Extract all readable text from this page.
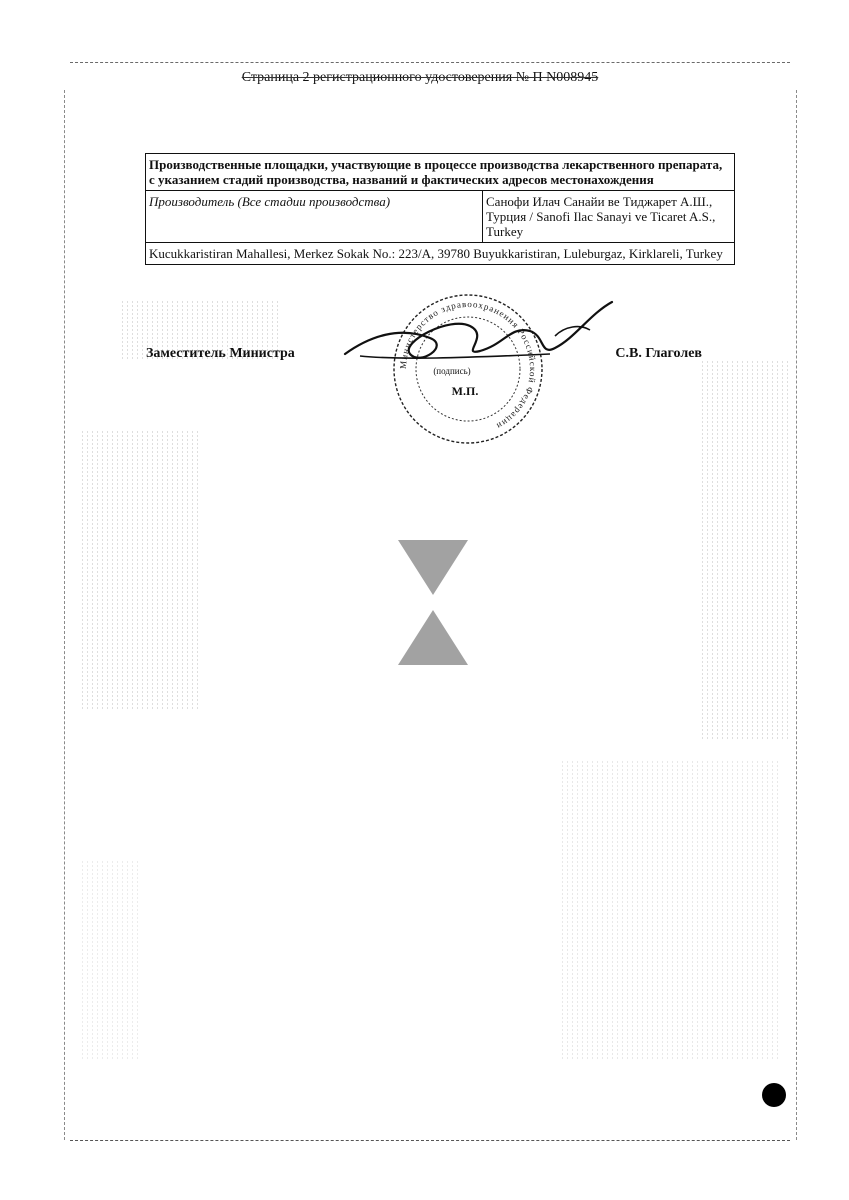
Страница 2 регистрационного удостоверения № П N008945
Производственные площадки, участвующие в процессе производства лекарственного препарата, с указанием стадий производства, названий и фактических адресов местонахождения
Производитель (Все стадии производства)	Санофи Илач Санайи ве Тиджарет А.Ш., Турция / Sanofi Ilac Sanayi ve Ticaret A.S., Turkey
Kucukkaristiran Mahallesi, Merkez Sokak No.: 223/A, 39780 Buyukkaristiran, Luleburgaz, Kirklareli, Turkey
Министерство здравоохранения Российской Федерации
(подпись)
М.П.
Заместитель Министра	С.В. Глаголев
